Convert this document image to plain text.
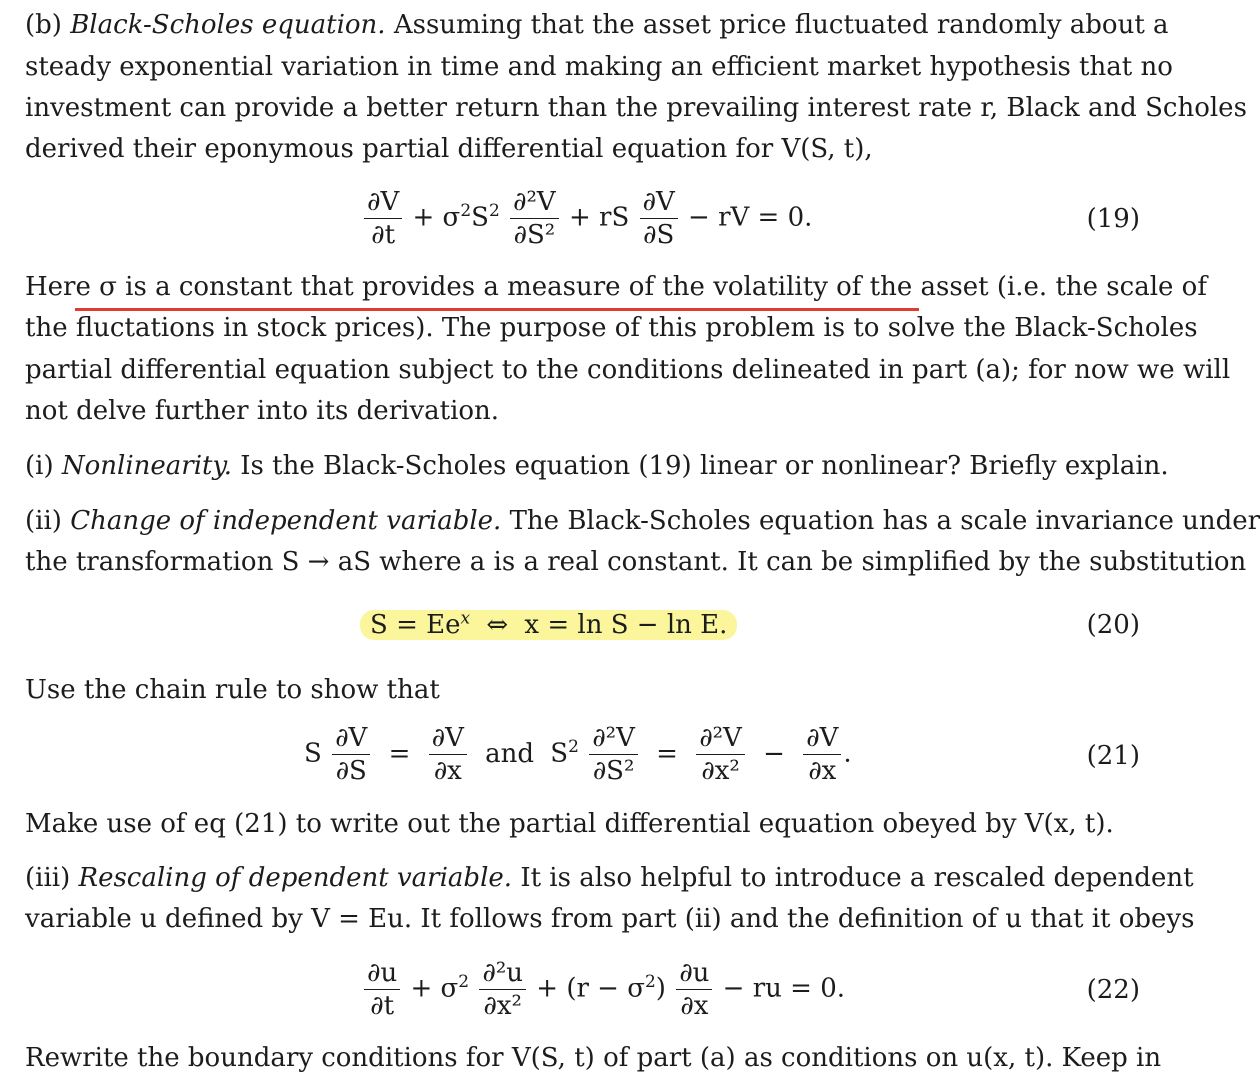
(b) Black-Scholes equation. Assuming that the asset price fluctuated randomly about a
steady exponential variation in time and making an efficient market hypothesis that no
investment can provide a better return than the prevailing interest rate r, Black and Scholes
derived their eponymous partial differential equation for V(S, t),
$\frac{\partial V}{\partial t} + \sigma^2S^2 \frac{\text{∂²V}}{\text{∂S²}}$ + rS $\frac{\partial V}{\partial S}$ − rV = 0.	(19)
Here σ is a constant that provides a measure of the volatility of the asset (i.e. the scale of
the fluctations in stock prices). The purpose of this problem is to solve the Black-Scholes
partial differential equation subject to the conditions delineated in part (a); for now we will
not delve further into its derivation.
(i) Nonlinearity. Is the Black-Scholes equation (19) linear or nonlinear? Briefly explain.
(ii) Change of independent variable. The Black-Scholes equation has a scale invariance under
the transformation S → aS where a is a real constant. It can be simplified by the substitution
$S = Ee^x$ ⇔ x = ln S − ln E.	(20)
Use the chain rule to show that
S $\frac{\partial V}{\partial S} = \frac{\partial V}{\partial x}$ and $S^2 \frac{\text{∂²V}}{\text{∂S²}} = \frac{\text{∂²V}}{\text{∂x²}} - \frac{\partial V}{\partial x}$ .	(21)
Make use of eq (21) to write out the partial differential equation obeyed by V(x, t).
(iii) Rescaling of dependent variable. It is also helpful to introduce a rescaled dependent
variable u defined by V = Eu. It follows from part (ii) and the definition of u that it obeys
$\frac{\partial u}{\partial t} + \sigma^2 \frac{\text{∂²u}}{\text{∂x²}} + (r - \sigma^2) \frac{\partial u}{\partial x}$ − ru = 0.	(22)
Rewrite the boundary conditions for V(S, t) of part (a) as conditions on u(x, t). Keep in
